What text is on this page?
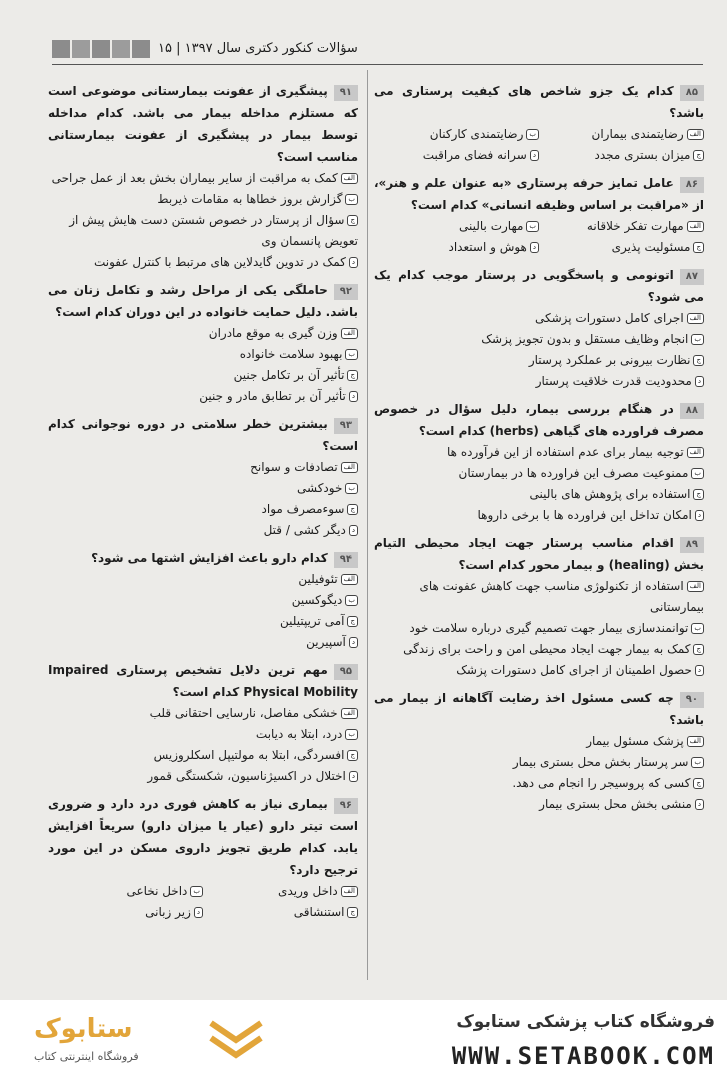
سؤالات کنکور دکتری سال ۱۳۹۷ | ۱۵
۸۵کدام یک جزو شاخص های کیفیت پرستاری می باشد؟
الفرضایتمندی بیماران
برضایتمندی کارکنان
جمیزان بستری مجدد
دسرانه فضای مراقبت
۸۶عامل تمایز حرفه پرستاری «به عنوان علم و هنر»، از «مراقبت بر اساس وظیفه انسانی» کدام است؟
الفمهارت تفکر خلاقانه
بمهارت بالینی
جمسئولیت پذیری
دهوش و استعداد
۸۷اتونومی و پاسخگویی در پرستار موجب کدام یک می شود؟
الفاجرای کامل دستورات پزشکی
بانجام وظایف مستقل و بدون تجویز پزشک
جنظارت بیرونی بر عملکرد پرستار
دمحدودیت قدرت خلاقیت پرستار
۸۸در هنگام بررسی بیمار، دلیل سؤال در خصوص مصرف فراورده های گیاهی (herbs) کدام است؟
الفتوجیه بیمار برای عدم استفاده از این فرآورده ها
بممنوعیت مصرف این فراورده ها در بیمارستان
جاستفاده برای پژوهش های بالینی
دامکان تداخل این فراورده ها با برخی داروها
۸۹اقدام مناسب پرستار جهت ایجاد محیطی التیام بخش (healing) و بیمار محور کدام است؟
الفاستفاده از تکنولوژی مناسب جهت کاهش عفونت های بیمارستانی
بتوانمندسازی بیمار جهت تصمیم گیری درباره سلامت خود
جکمک به بیمار جهت ایجاد محیطی امن و راحت برای زندگی
دحصول اطمینان از اجرای کامل دستورات پزشک
۹۰چه کسی مسئول اخذ رضایت آگاهانه از بیمار می باشد؟
الفپزشک مسئول بیمار
بسر پرستار بخش محل بستری بیمار
جکسی که پروسیجر را انجام می دهد.
دمنشی بخش محل بستری بیمار
۹۱پیشگیری از عفونت بیمارستانی موضوعی است که مستلزم مداخله بیمار می باشد. کدام مداخله توسط بیمار در پیشگیری از عفونت بیمارستانی مناسب است؟
الفکمک به مراقبت از سایر بیماران بخش بعد از عمل جراحی
بگزارش بروز خطاها به مقامات ذیربط
جسؤال از پرستار در خصوص شستن دست هایش پیش از تعویض پانسمان وی
دکمک در تدوین گایدلاین های مرتبط با کنترل عفونت
۹۲حاملگی یکی از مراحل رشد و تکامل زنان می باشد. دلیل حمایت خانواده در این دوران کدام است؟
الفوزن گیری به موقع مادران
ببهبود سلامت خانواده
جتأثیر آن بر تکامل جنین
دتأثیر آن بر تطابق مادر و جنین
۹۳بیشترین خطر سلامتی در دوره نوجوانی کدام است؟
الفتصادفات و سوانح
بخودکشی
جسوءمصرف مواد
ددیگر کشی / قتل
۹۴کدام دارو باعث افزایش اشتها می شود؟
الفتئوفیلین
بدیگوکسین
جآمی تریپتیلین
دآسپیرین
۹۵مهم ترین دلایل تشخیص پرستاری Impaired Physical Mobility کدام است؟
الفخشکی مفاصل، نارسایی احتقانی قلب
بدرد، ابتلا به دیابت
جافسردگی، ابتلا به مولتیپل اسکلروزیس
داختلال در اکسیژناسیون، شکستگی قمور
۹۶بیماری نیاز به کاهش فوری درد دارد و ضروری است تیتر دارو (عیار یا میزان دارو) سریعاً افزایش یابد. کدام طریق تجویز داروی مسکن در این مورد ترجیح دارد؟
الفداخل وریدی
بداخل نخاعی
جاستنشاقی
دزیر زبانی
ستابوک
فروشگاه اینترنتی کتاب
فروشگاه کتاب پزشکی ستابوک
WWW.SETABOOK.COM
